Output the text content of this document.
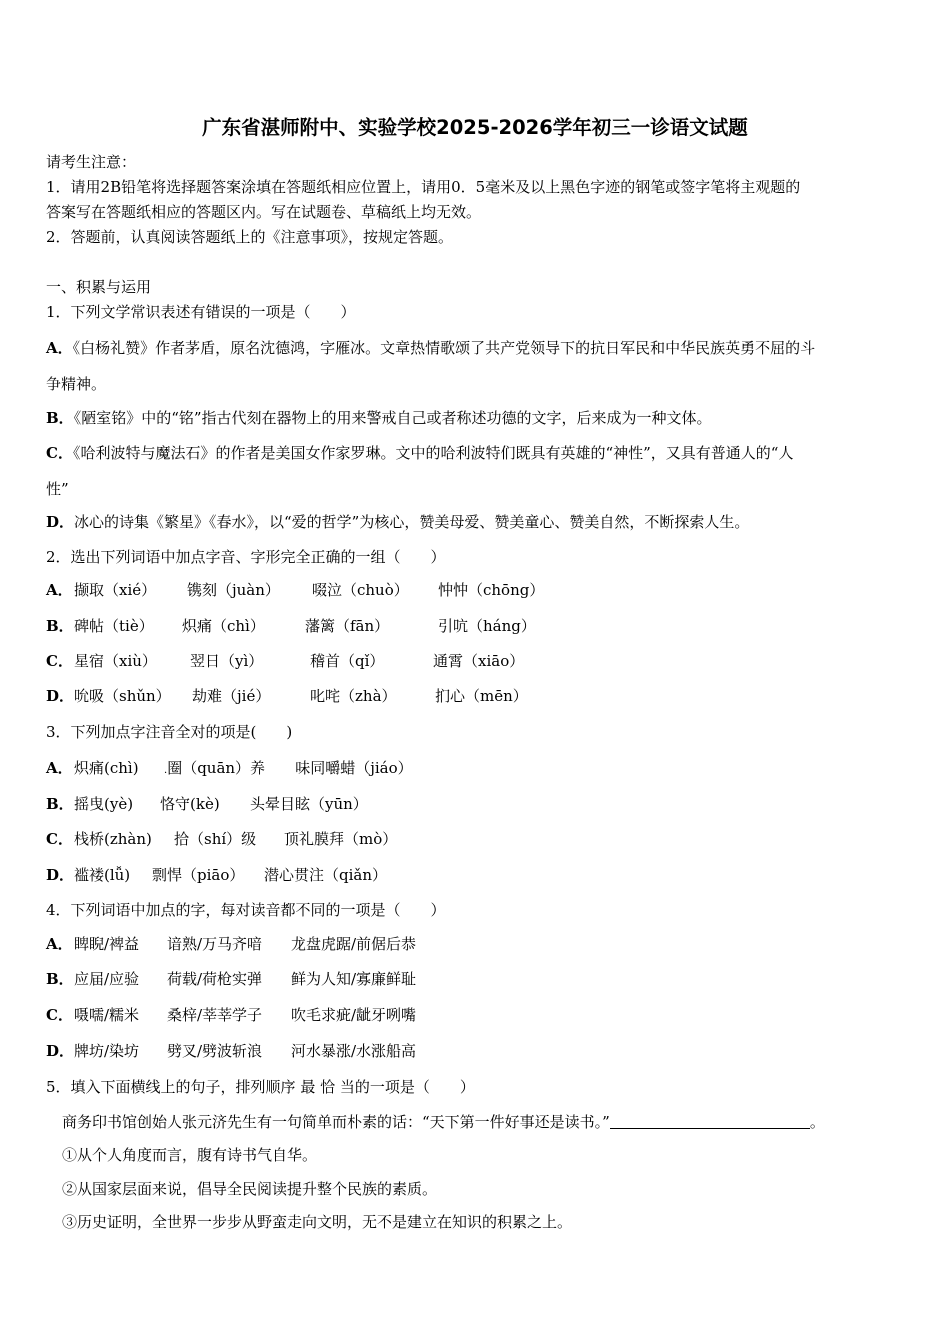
广东省湛师附中、实验学校2025-2026学年初三一诊语文试题
请考生注意：
1．请用2B铅笔将选择题答案涂填在答题纸相应位置上，请用0．5毫米及以上黑色字迹的钢笔或签字笔将主观题的
答案写在答题纸相应的答题区内。写在试题卷、草稿纸上均无效。
2．答题前，认真阅读答题纸上的《注意事项》，按规定答题。
一、积累与运用
1．下列文学常识表述有错误的一项是（　　）
A．《白杨礼赞》作者茅盾，原名沈德鸿，字雁冰。文章热情歌颂了共产党领导下的抗日军民和中华民族英勇不屈的斗
争精神。
B．《陋室铭》中的“铭”指古代刻在器物上的用来警戒自己或者称述功德的文字，后来成为一种文体。
C．《哈利波特与魔法石》的作者是美国女作家罗琳。文中的哈利波特们既具有英雄的“神性”，又具有普通人的“人
性”
D．冰心的诗集《繁星》《春水》，以“爱的哲学”为核心，赞美母爱、赞美童心、赞美自然，不断探索人生。
2．选出下列词语中加点字音、字形完全正确的一组（　　）
A．撷取（xié） 镌刻（juàn） 啜泣（chuò） 忡忡（chōng）
B．碑帖（tiè） 炽痛（chì）	藩篱（fān）	引吭（háng）
C．星宿（xiù） 翌日（yì）	稽首（qǐ）	通霄（xiāo）
D．吮吸（shǔn） 劫难（jié）	叱咤（zhà）	扪心（mēn）
3．下列加点字注音全对的项是(　　)
A．炽痛(chì)	$_\cdot$圈（quān）养 味同嚼蜡（jiáo）
B．摇曳(yè) 恪守(kè) 头晕目眩（yūn）
C．栈桥(zhàn) 拾（shí）级 顶礼膜拜（mò）
D．褴褛(lǚ) 剽悍（piāo） 潜心贯注（qiǎn）
4．下列词语中加点的字，每对读音都不同的一项是（　　）
A．睥睨/裨益 谙熟/万马齐喑 龙盘虎踞/前倨后恭
B．应届/应验 荷载/荷枪实弹 鲜为人知/寡廉鲜耻
C．嗫嚅/糯米 桑梓/莘莘学子 吹毛求疵/龇牙咧嘴
D．牌坊/染坊 劈叉/劈波斩浪 河水暴涨/水涨船高
5．填入下面横线上的句子，排列顺序 最 恰 当的一项是（　　）
商务印书馆创始人张元济先生有一句简单而朴素的话：“天下第一件好事还是读书。”	。
①从个人角度而言，腹有诗书气自华。
②从国家层面来说，倡导全民阅读提升整个民族的素质。
③历史证明，全世界一步步从野蛮走向文明，无不是建立在知识的积累之上。
